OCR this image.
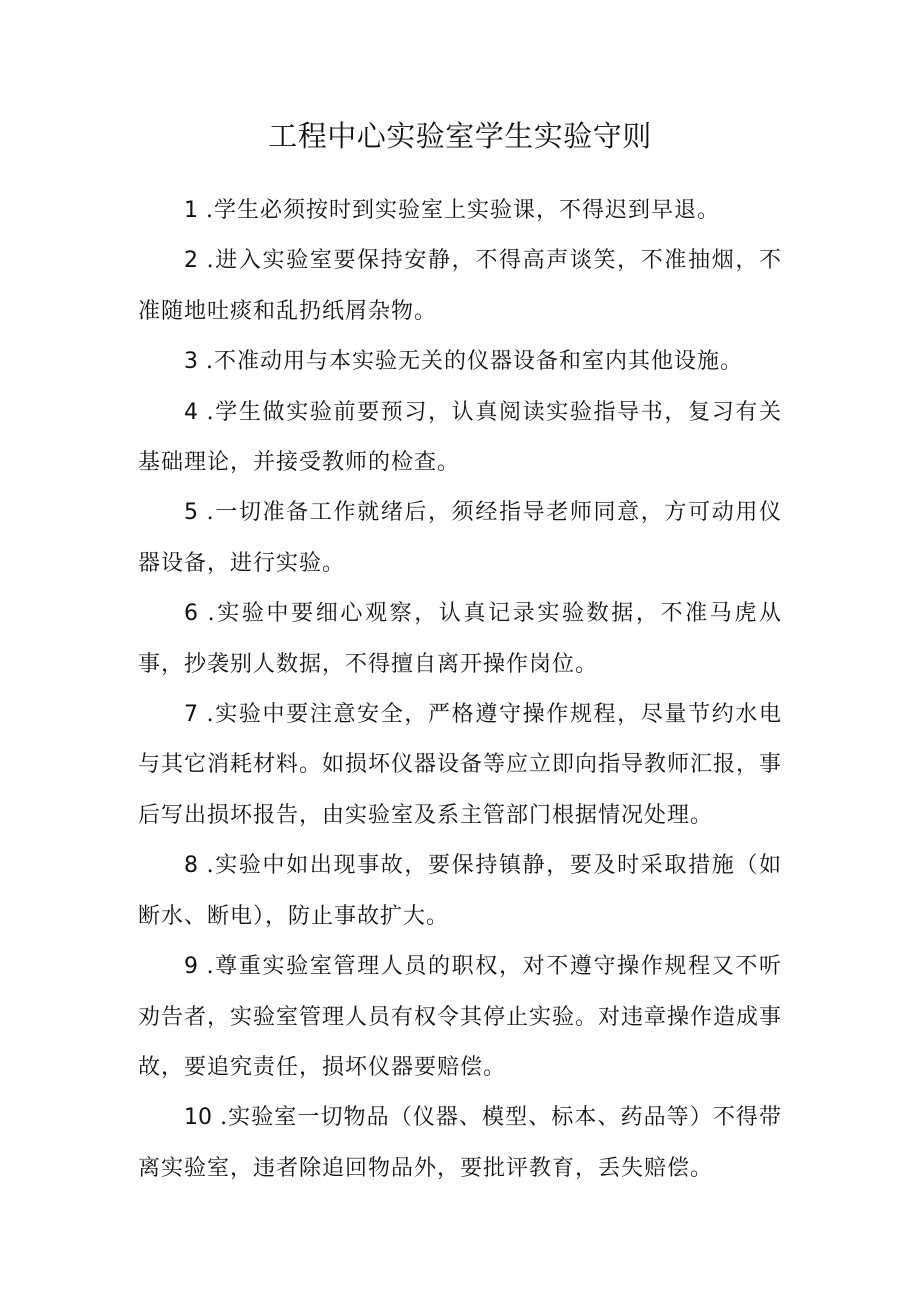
工程中心实验室学生实验守则

1 .学生必须按时到实验室上实验课，不得迟到早退。

2 .进入实验室要保持安静，不得高声谈笑，不准抽烟，不准随地吐痰和乱扔纸屑杂物。

3 .不准动用与本实验无关的仪器设备和室内其他设施。

4 .学生做实验前要预习，认真阅读实验指导书，复习有关基础理论，并接受教师的检查。

5 .一切准备工作就绪后，须经指导老师同意，方可动用仪器设备，进行实验。

6 .实验中要细心观察，认真记录实验数据，不准马虎从事，抄袭别人数据，不得擅自离开操作岗位。

7 .实验中要注意安全，严格遵守操作规程，尽量节约水电与其它消耗材料。如损坏仪器设备等应立即向指导教师汇报，事后写出损坏报告，由实验室及系主管部门根据情况处理。

8 .实验中如出现事故，要保持镇静，要及时采取措施（如断水、断电），防止事故扩大。

9 .尊重实验室管理人员的职权，对不遵守操作规程又不听劝告者，实验室管理人员有权令其停止实验。对违章操作造成事故，要追究责任，损坏仪器要赔偿。

10 .实验室一切物品（仪器、模型、标本、药品等）不得带离实验室，违者除追回物品外，要批评教育，丢失赔偿。
